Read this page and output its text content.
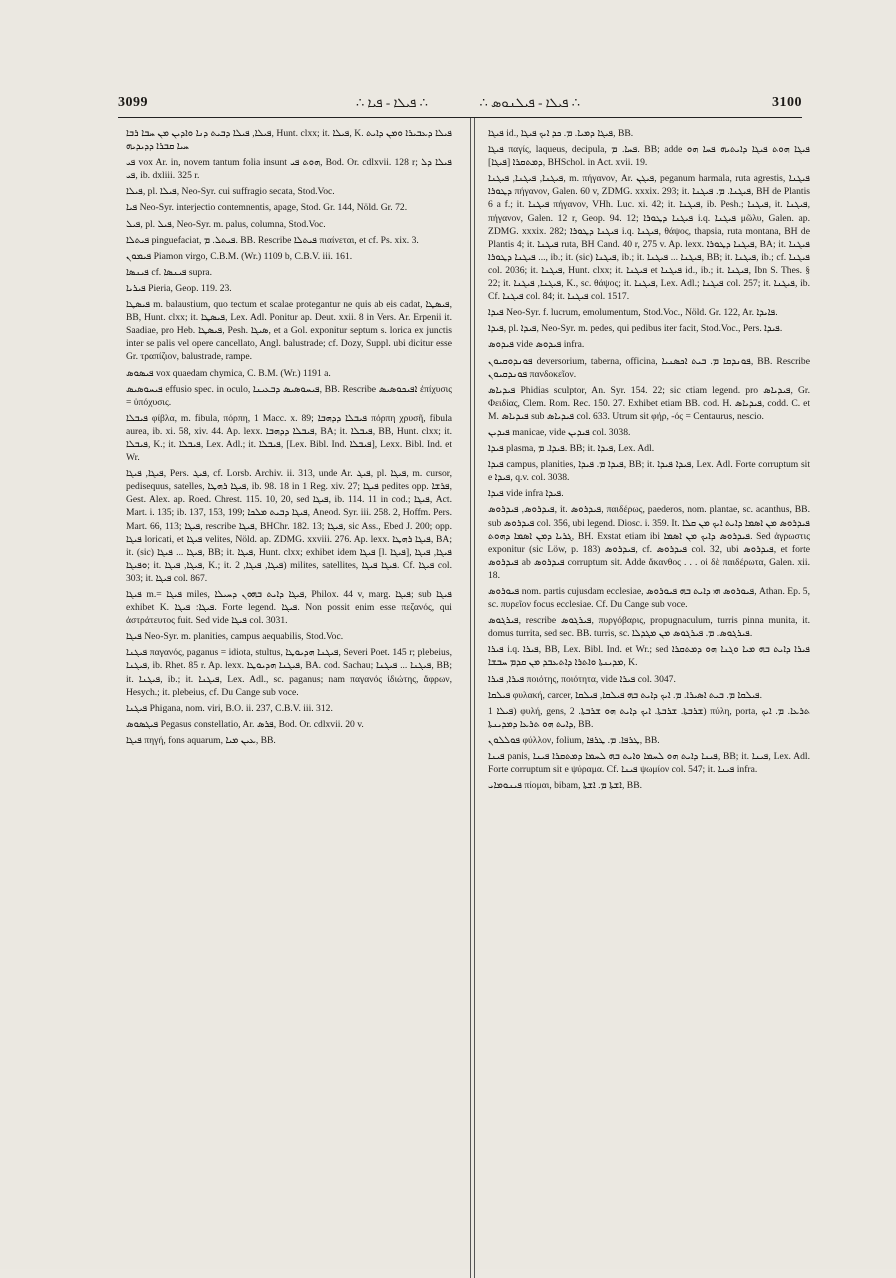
3099	∴ ܦܝܠܐ - ܦܝܐ ∴	∴ ܦܝܠܐ - ܦܝܠܢܘܣ ∴	3100

ܦܝܠܐ, ܦܝܠܐ ܕܒܝܬ ܕܢܐ ܘܐܕܝܢ ܡܢ ܚܒܐ ܪܒܐ, Hunt. clxx; it. ܦܝܠܐ, K. ܦܝܠܐ ܕܥܒܝܪܐ ܘܡܢ ܕܐܝܬ ܚܝܐ ܩܒܪܐ ܕܕܝܕܝܗ

ܦܝ vox Ar. in, novem tantum folia insunt ܗܘܬ ܦܝ, Bod. Or. cdlxvii. 128 r; ܦܝܠܐ ܕܠ ܦܝ, ib. dxliii. 325 r.

ܦܝܠܐ, pl. ܦܝܠܐ, Neo-Syr. cui suffragio secata, Stod.Voc.

ܦܝܐ Neo-Syr. interjectio contemnentis, apage, Stod. Gr. 144, Nöld. Gr. 72.

ܦܝܠ, pl. ܦܝܠ, Neo-Syr. m. palus, columna, Stod.Voc.

ܦܝܬܠܐ pinguefaciat, ܦܝܬܠ. ܡ. BB. Rescribe ܦܝܬܠܐ πιαίνεται, et cf. Ps. xix. 3.

ܦܝܡܘܢ Piamon virgo, C.B.M. (Wr.) 1109 b, C.B.V. iii. 161.

ܦܝܢܣܐ cf. ܦܝܢܣܐ supra.

ܦܝܪܝܐ Pieria, Geop. 119. 23.

ܦܝܣܛܐ m. balaustium, quo tectum et scalae protegantur ne quis ab eis cadat, ܦܝܣܛܐ, BB, Hunt. clxx; it. ܦܝܣܛܐ, Lex. Adl. Ponitur ap. Deut. xxii. 8 in Vers. Ar. Erpenii it. Saadiae, pro Heb. ܦܝܣܛܐ, Pesh. ܣܝܓܐ, et a Gol. exponitur septum s. lorica ex junctis inter se palis vel opere cancellato, Angl. balustrade; cf. Dozy, Suppl. ubi dicitur esse Gr. τραπίζιον, balustrade, rampe.

ܦܝܣܘܣ vox quaedam chymica, C. B.M. (Wr.) 1191 a.

ܦܝܚܘܣܝܣ effusio spec. in oculo, ܦܝܚܘܣܝܣ ܕܒܥܝܢܐ, BB. Rescribe ܐܦܝܟܘܣܝܣ ἐπίχυσις = ὑπόχυσις.

ܦܝܒܠܐ φίβλα, m. fibula, πόρπη, 1 Macc. x. 89; ܦܝܒܠܐ ܕܕܗܒܐ πόρπη χρυσῆ, fibula aurea, ib. xi. 58, xiv. 44. Ap. lexx. ܦܝܒܠܐ ܕܕܗܒܐ, BA; it. ܦܝܒܠܐ, BB, Hunt. clxx; it. ܦܝܒܠܐ, K.; it. ܦܝܒܠܐ, Lex. Adl.; it. ܦܝܒܠܐ, [Lex. Bibl. Ind. ܦܝܒܠܐ], Lexx. Bibl. Ind. et Wr.

ܦܝܓܐ, ܦܝܓܐ, Pers. ܦܝܓ, cf. Lorsb. Archiv. ii. 313, unde Ar. ܦܝܓ, pl. ܦܝܓܐ, m. cursor, pedisequus, satelles, ܦܝܓܐ ܪܗܛܐ, ib. 98. 18 in 1 Reg. xiv. 27; ܦܝܓܐ pedites opp. ܦܪܫܐ, Gest. Alex. ap. Roed. Chrest. 115. 10, 20, sed ܦܝܓܐ, ib. 114. 11 in cod.; ܦܝܓܐ, Act. Mart. i. 135; ib. 137, 153, 199; ܦܝܓܐ ܕܒܝܬ ܡܠܟܐ, Aneod. Syr. iii. 258. 2, Hoffm. Pers. Mart. 66, 113; ܦܝܓܐ, rescribe ܦܝܓܐ, BHChr. 182. 13; ܦܝܓܐ, sic Ass., Ebed J. 200; opp. ܦܝܓܐ loricati, et ܦܝܓܐ velites, Nöld. ap. ZDMG. xxviii. 276. Ap. lexx. ܦܝܓܐ ܪܗܛܐ, BA; it. (sic) ܦܝܓܐ ... ܦܝܓܐ, BB; it. ܦܝܓܐ, Hunt. clxx; exhibet idem ܦܝܓܐ [l. ܦܝܓܐ], ܦܝܓܐ, ܦܝܓܐ ܘܦܝܓܐ; it. ܦܝܓܐ, ܦܝܓܐ, K.; it. ܦܝܓܐ, ܦܝܓܐ, 2) milites, satellites, ܦܝܓܐ ܦܝܓܐ. Cf. ܦܝܓܐ col. 303; it. ܦܝܓܐ col. 867.

ܦܝܓܐ m.= ܦܝܓܐ miles, ܦܝܓܐ ܕܐܝܬ ܒܗܘܢ ܕܚܝܠܐ, Philox. 44 v, marg. ܦܝܓܐ; sub ܦܝܓܐ exhibet K. ܦܝܓܐ: ܦܝܓܐ. Forte legend. ܦܝܓܐ. Non possit enim esse πεζανός, qui ἀστράτευτος fuit. Sed vide ܦܝܓܐ col. 3031.

ܦܝܓܐ Neo-Syr. m. planities, campus aequabilis, Stod.Voc.

ܦܝܓܢܐ παγανός, paganus = idiota, stultus, ܦܝܓܢܐ ܗܕܝܘܛܐ, Severi Poet. 145 r; plebeius, ܦܝܓܢܐ, ib. Rhet. 85 r. Ap. lexx. ܦܝܓܢܐ ܗܕܝܘܛܐ, BA. cod. Sachau; ܦܝܓܢܐ ... ܦܝܓܢܐ, BB; it. ܦܝܓܢܐ, ib.; it. ܦܝܓܢܐ, Lex. Adl., sc. paganus; nam παγανός ἰδιώτης, ἄφρων, Hesych.; it. plebeius, cf. Du Cange sub voce.

ܦܝܓܢܐ Phigana, nom. viri, B.O. ii. 237, C.B.V. iii. 312.

ܦܝܓܣܘܣ Pegasus constellatio, Ar. ܦܪܣ, Bod. Or. cdlxvii. 20 v.

ܦܝܓܐ πηγή, fons aquarum, ܥܝܢ ܡܝܐ, BB.

ܦܝܓܐ id., ܦܝܓܐ ܕܡܝܐ. ܡ. ܟܕ ܐܝܟ ܦܝܓܐ, BB.

ܦܝܓܐ παγίς, laqueus, decipula, ܦܚܐ. ܡ. BB; adde ܦܝܓܐ ܗܘܬ ܦܝܓܐ ܕܐܝܬܝܗ ܦܚܐ ܗܘ ܕܡܬܩܪܐ [ܦܝܓܐ], BHSchol. in Act. xvii. 19.

ܦܝܓܢܐ, ܦܝܓܢܐ, ܦܝܓܢܐ, m. πήγανον, Ar. ܦܝܓܢ, peganum harmala, ruta agrestis, ܦܝܓܢܐ ܕܛܘܪܐ πήγανον, Galen. 60 v, ZDMG. xxxix. 293; it. ܦܝܓܢܐ. ܡ. ܦܝܓܢܐ, BH de Plantis 6 a f.; it. ܦܝܓܢܐ πήγανον, VHh. Luc. xi. 42; it. ܦܝܓܢܐ, ib. Pesh.; ܦܝܓܢܐ, it. ܦܝܓܢܐ, πήγανον, Galen. 12 r, Geop. 94. 12; ܦܝܓܢܐ ܕܛܘܪܐ i.q. ܦܝܓܢܐ μῶλυ, Galen. ap. ZDMG. xxxix. 282; ܦܝܓܢܐ ܕܛܘܪܐ i.q. ܦܝܓܢܐ, θάψος, thapsia, ruta montana, BH de Plantis 4; it. ܦܝܓܢܐ ruta, BH Cand. 40 r, 275 v. Ap. lexx. ܦܝܓܢܐ ܕܛܘܪܐ, BA; it. ܦܝܓܢܐ ... ܦܝܓܢܐ ܕܛܘܪܐ, ib.; it. (sic) ܦܝܓܢܐ, ib.; it. ܦܝܓܢܐ ... ܦܝܓܢܐ, BB; it. ܦܝܓܢܐ, ib.; cf. ܦܝܓܢܐ col. 2036; it. ܦܝܓܢܐ, Hunt. clxx; it. ܦܝܓܢܐ et ܦܝܓܢܐ id., ib.; it. ܦܝܓܢܐ, Ibn S. Thes. § 22; it. ܦܝܓܢܐ, ܦܝܓܢܐ, K., sc. θάψος; it. ܦܝܓܢܐ, Lex. Adl.; ܦܝܓܢܐ col. 257; it. ܦܝܓܢܐ, ib. Cf. ܦܝܓܢܐ col. 84; it. ܦܝܓܢܐ col. 1517.

ܦܝܕܐ Neo-Syr. f. lucrum, emolumentum, Stod.Voc., Nöld. Gr. 122, Ar. ܦܐܝܕܐ.

ܦܝܕܐ, pl. ܦܝܕܐ, Neo-Syr. m. pedes, qui pedibus iter facit, Stod.Voc., Pers. ܦܝܕܐ.

ܦܝܕܘܣ vide ܦܝܕܘܣ infra.

ܦܘܢܕܘܩܝܘܢ deversorium, taberna, officina, ܦܘܢܕܩܐ ܡ. ܒܝܬ ܐܟܣܢܝܐ, BB. Rescribe ܦܘܢܕܩܝܘܢ πανδοκεῖον.

ܦܝܕܝܐܣ Phidias sculptor, An. Syr. 154. 22; sic ctiam legend. pro ܦܝܕܝܐܣ, Gr. Φειδίας, Clem. Rom. Rec. 150. 27. Exhibet etiam BB. cod. H. ܦܝܕܝܐܣ, codd. C. et M. ܦܝܕܝܐܣ sub ܦܝܕܝܐܣ col. 633. Utrum sit φήρ, -ός = Centaurus, nescio.

ܦܝܕܝܢ manicae, vide ܦܝܕܝܢ col. 3038.

ܦܝܕܐ plasma, ܦܝܕܐ. ܡ. BB; it. ܦܝܕܐ, Lex. Adl.

ܦܝܕܐ campus, planities, ܦܝܕܐ ܡ. ܦܝܕܐ, BB; it. ܦܝܕܐ ܦܝܕܐ, Lex. Adl. Forte corruptum sit e ܦܝܕܐ, q.v. col. 3038.

ܦܝܕܐ vide infra ܦܝܕܐ.

ܦܝܕܪܘܣ, ܦܝܕܪܘܣ, it. ܦܝܕܪܘܣ, παιδέρως, paederos, nom. plantae, sc. acanthus, BB. sub ܦܝܕܪܘܣ col. 356, ubi legend. Diosc. i. 359. It. ܦܝܕܪܘܣ ܡܢ ܐܣܡܐ ܕܐܝܬ ܐܝܟ ܡܢ ܩܠܐ ܓܪܝܐ ܕܡܢ ܐܣܡܐ ܕܗܘܬ, BH. Exstat etiam ibi ܦܝܕܪܘܣ ܕܐܝܟ ܡܢ ܐܣܡܐ. Sed ἀγρωστις exponitur (sic Löw, p. 183) ܦܝܕܪܘܣ, cf. ܦܝܕܪܘܣ col. 32, ubi ܦܝܕܪܘܣ, et forte ܦܝܕܪܘܣ ab ܦܝܕܪܘܣ corruptum sit. Adde ἄκανθος . . . οἱ δὲ παιδέρωτα, Galen. xii. 18.

ܦܝܘܪܘܣ nom. partis cujusdam ecclesiae, ܦܝܘܪܘܣ ܗܝ ܕܐܝܬ ܒܗ ܦܝܘܪܘܣ, Athan. Ep. 5, sc. πυρεῖον focus ecclesiae. Cf. Du Cange sub voce.

ܦܝܪܓܘܣ, rescribe ܦܝܪܓܘܣ, πυργόβαρις, propugnaculum, turris pinna munita, it. domus turrita, sed sec. BB. turris, sc. ܦܝܪܓܘܣ. ܡ. ܦܝܪܓܘܣ ܡܢ ܡܓܕܠܐ.

ܦܝܪܐ i.q. ܦܝܪܐ, BB, Lex. Bibl. Ind. et Wr.; sed ܦܝܪܐ ܕܐܝܬ ܒܗ ܡܝܐ ܘܓܢܐ ܗܘ ܕܡܬܩܪܐ ܡܕܝܢܬܐ ܘܐܬܪܐ ܕܐܬܥܒܕ ܡܢ ܩܕܡ ܚܒܫܐ, K.

ܦܝܪܐ, ܦܝܪܐ ποιότης, ποιότητα, vide ܦܝܪܐ col. 3047.

ܦܝܠܩܐ φυλακή, carcer, ܦܝܠܩܐ ܡ. ܒܝܬ ܐܣܝܪܐ. ܡ. ܐܝܟ ܕܐܝܬ ܒܗ ܦܝܠܩܐ, ܦܝܠܩܐ.

ܦܝܠܐ 1) φυλή, gens, ܫܪܒܬܐ. ܫܪܒܬܐ. ܐܝܟ ܕܐܝܬ ܗܘ ܫܪܒܬܐ. 2) πύλη, porta, ܬܪܥܐ. ܡ. ܐܝܟ ܕܐܝܬ ܗܘ ܬܪܥܐ ܕܡܕܝܢܬܐ, BB.

ܦܘܠܠܘܢ φύλλον, folium, ܛܪܦܐ. ܡ. ܛܪܦܐ, BB.

ܦܝܢܐ panis, ܦܝܢܐ ܕܐܝܬ ܗܘ ܠܚܡܐ ܘܐܝܬ ܒܗ ܠܚܡܐ ܕܡܬܩܪܐ ܦܝܢܐ, BB; it. ܦܝܢܐ, Lex. Adl. Forte corruptum sit e ψύραμα. Cf. ܦܝܢܐ ψωμίον col. 547; it. ܦܝܢܐ infra.

ܦܝܢܘܡܐܝ πίομαι, bibam, ܐܫܬܐ ܡ. ܐܫܬܐ, BB.
